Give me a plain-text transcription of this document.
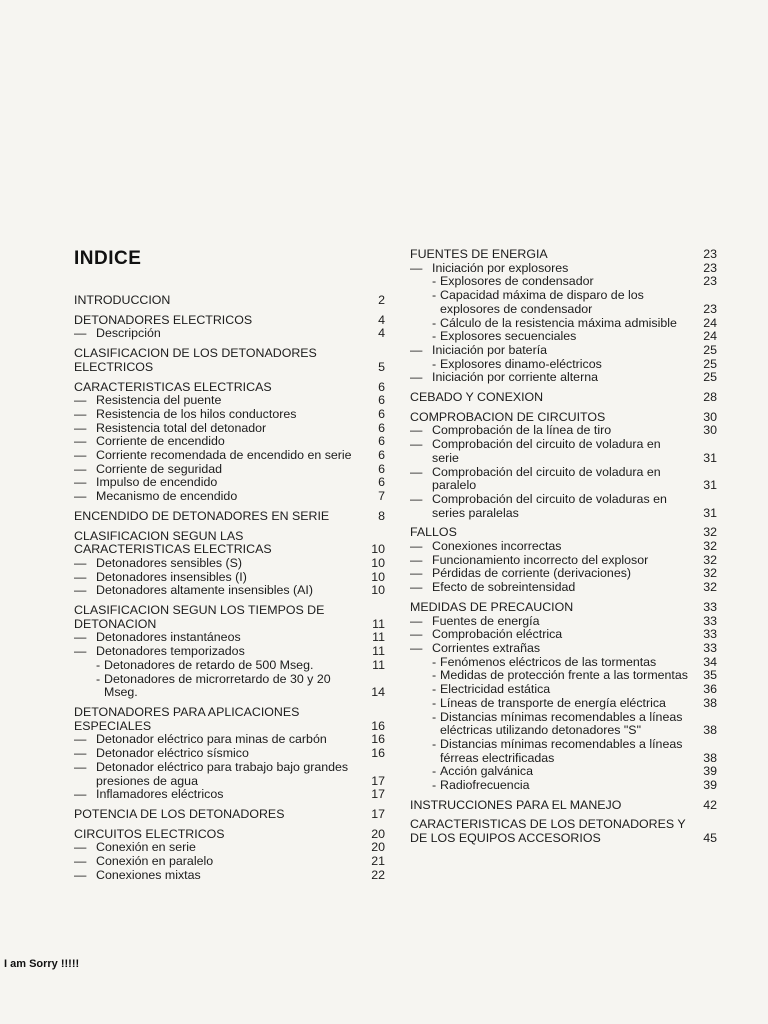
INDICE
INTRODUCCION	2
DETONADORES ELECTRICOS	4
— Descripción	4
CLASIFICACION DE LOS DETONADORES ELECTRICOS	5
CARACTERISTICAS ELECTRICAS	6
— Resistencia del puente	6
— Resistencia de los hilos conductores	6
— Resistencia total del detonador	6
— Corriente de encendido	6
— Corriente recomendada de encendido en serie	6
— Corriente de seguridad	6
— Impulso de encendido	6
— Mecanismo de encendido	7
ENCENDIDO DE DETONADORES EN SERIE	8
CLASIFICACION SEGUN LAS CARACTERISTICAS ELECTRICAS	10
— Detonadores sensibles (S)	10
— Detonadores insensibles (I)	10
— Detonadores altamente insensibles (AI)	10
CLASIFICACION SEGUN LOS TIEMPOS DE DETONACION	11
— Detonadores instantáneos	11
— Detonadores temporizados	11
- Detonadores de retardo de 500 Mseg.	11
- Detonadores de microrretardo de 30 y 20 Mseg.	14
DETONADORES PARA APLICACIONES ESPECIALES	16
— Detonador eléctrico para minas de carbón	16
— Detonador eléctrico sísmico	16
— Detonador eléctrico para trabajo bajo grandes presiones de agua	17
— Inflamadores eléctricos	17
POTENCIA DE LOS DETONADORES	17
CIRCUITOS ELECTRICOS	20
— Conexión en serie	20
— Conexión en paralelo	21
— Conexiones mixtas	22
FUENTES DE ENERGIA	23
— Iniciación por explosores	23
- Explosores de condensador	23
- Capacidad máxima de disparo de los explosores de condensador	23
- Cálculo de la resistencia máxima admisible	24
- Explosores secuenciales	24
— Iniciación por batería	25
- Explosores dinamo-eléctricos	25
— Iniciación por corriente alterna	25
CEBADO Y CONEXION	28
COMPROBACION DE CIRCUITOS	30
— Comprobación de la línea de tiro	30
— Comprobación del circuito de voladura en serie	31
— Comprobación del circuito de voladura en paralelo	31
— Comprobación del circuito de voladuras en series paralelas	31
FALLOS	32
— Conexiones incorrectas	32
— Funcionamiento incorrecto del explosor	32
— Pérdidas de corriente (derivaciones)	32
— Efecto de sobreintensidad	32
MEDIDAS DE PRECAUCION	33
— Fuentes de energía	33
— Comprobación eléctrica	33
— Corrientes extrañas	33
- Fenómenos eléctricos de las tormentas	34
- Medidas de protección frente a las tormentas	35
- Electricidad estática	36
- Líneas de transporte de energía eléctrica	38
- Distancias mínimas recomendables a líneas eléctricas utilizando detonadores "S"	38
- Distancias mínimas recomendables a líneas férreas electrificadas	38
- Acción galvánica	39
- Radiofrecuencia	39
INSTRUCCIONES PARA EL MANEJO	42
CARACTERISTICAS DE LOS DETONADORES Y DE LOS EQUIPOS ACCESORIOS	45
I am Sorry !!!!!
